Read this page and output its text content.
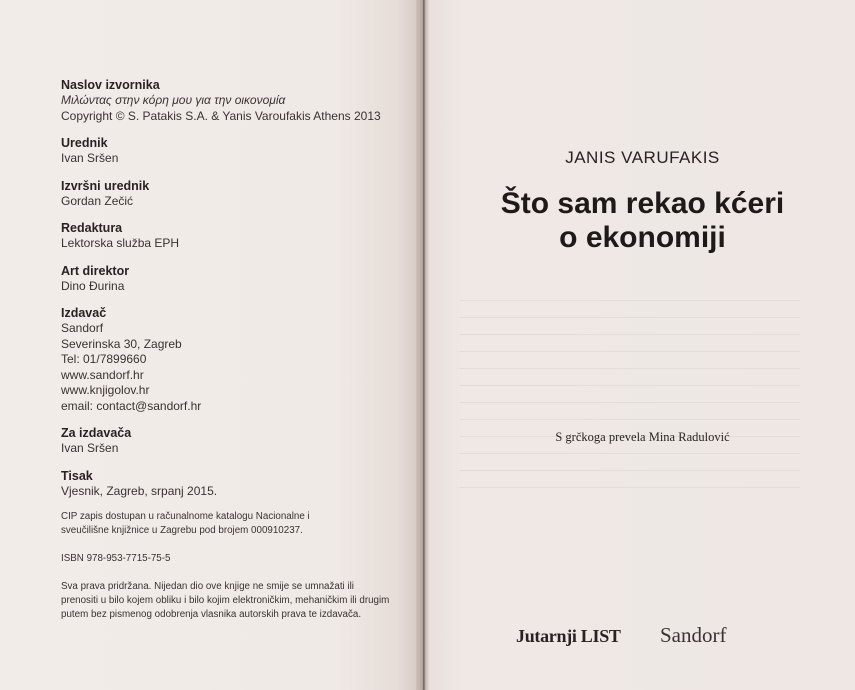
Naslov izvornika
Μιλώντας στην κόρη μου για την οικονομία
Copyright © S. Patakis S.A. & Yanis Varoufakis Athens 2013
Urednik
Ivan Sršen
Izvršni urednik
Gordan Zečić
Redaktura
Lektorska služba EPH
Art direktor
Dino Đurina
Izdavač
Sandorf
Severinska 30, Zagreb
Tel: 01/7899660
www.sandorf.hr
www.knjigolov.hr
email: contact@sandorf.hr
Za izdavača
Ivan Sršen
Tisak
Vjesnik, Zagreb, srpanj 2015.
CIP zapis dostupan u računalnome katalogu Nacionalne i
sveučilišne knjižnice u Zagrebu pod brojem 000910237.
ISBN 978-953-7715-75-5
Sva prava pridržana. Nijedan dio ove knjige ne smije se umnažati ili
prenositi u bilo kojem obliku i bilo kojim elektroničkim, mehaničkim ili drugim
putem bez pismenog odobrenja vlasnika autorskih prava te izdavača.
JANIS VARUFAKIS
Što sam rekao kćeri
o ekonomiji
S grčkoga prevela Mina Radulović
Jutarnji LIST Sandorf
